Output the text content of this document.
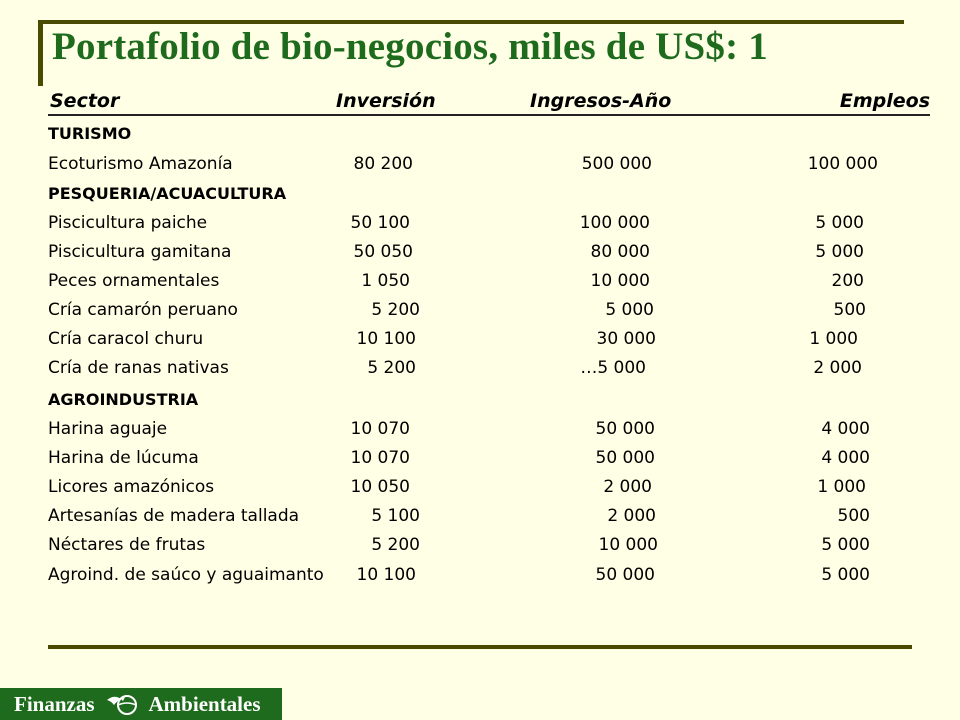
Portafolio de bio-negocios, miles de US$: 1
Sector	Inversión	Ingresos-Año	Empleos
TURISMO
Ecoturismo Amazonía	80 200	500 000	100 000
PESQUERIA/ACUACULTURA
Piscicultura paiche	50 100	100 000	5 000
Piscicultura gamitana	50 050	80 000	5 000
Peces ornamentales	1 050	10 000	200
Cría camarón peruano	5 200	5 000	500
Cría caracol churu	10 100	30 000	1 000
Cría de ranas nativas	5 200	…5 000	2 000
AGROINDUSTRIA
Harina aguaje	10 070	50 000	4 000
Harina de lúcuma	10 070	50 000	4 000
Licores amazónicos	10 050	2 000	1 000
Artesanías de madera tallada	5 100	2 000	500
Néctares de frutas	5 200	10 000	5 000
Agroind. de saúco y aguaimanto	10 100	50 000	5 000
Finanzas	Ambientales
